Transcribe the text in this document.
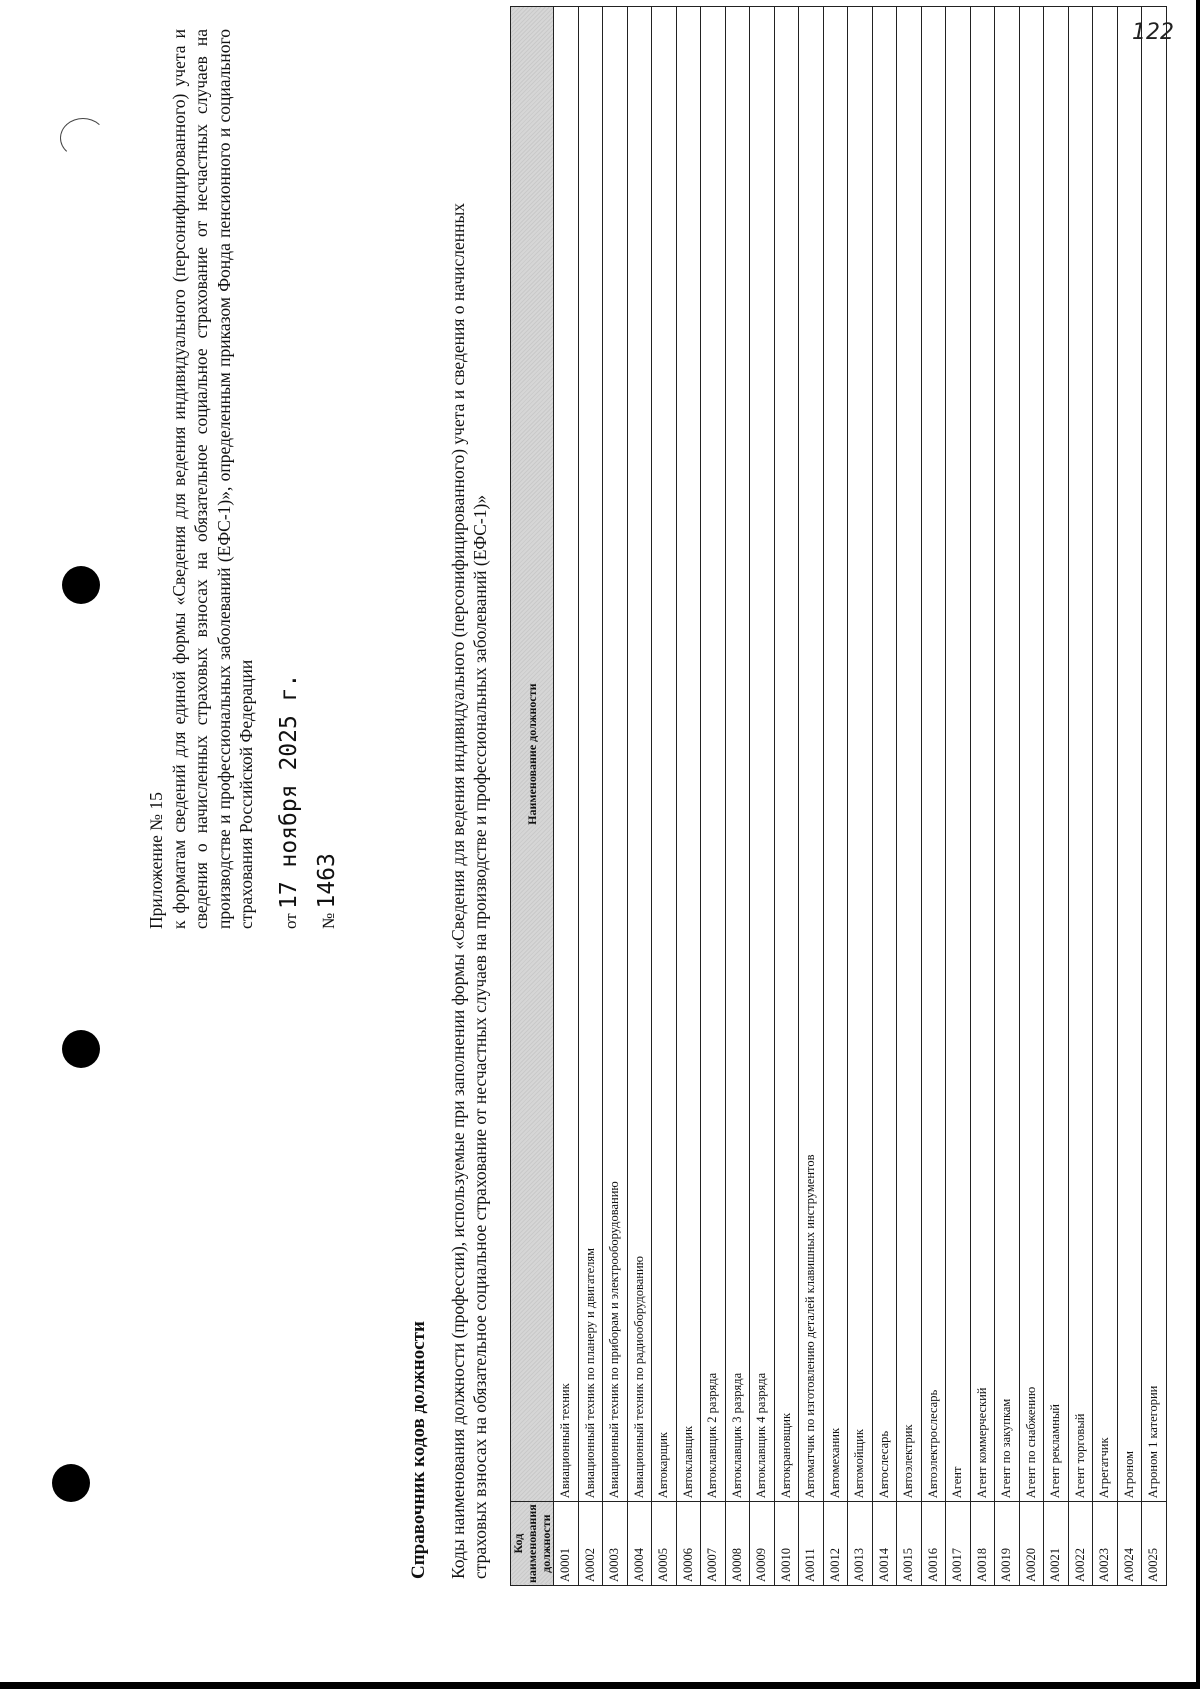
122
Приложение № 15 к форматам сведений для единой формы «Сведения для ведения индивидуального (персонифицированного) учета и сведения о начисленных страховых взносах на обязательное социальное страхование от несчастных случаев на производстве и профессиональных заболеваний (ЕФС-1)», определенным приказом Фонда пенсионного и социального страхования Российской Федерации от 17 ноября 2025 г.
№ 1463
Справочник кодов должности Коды наименования должности (профессии), используемые при заполнении формы «Сведения для ведения индивидуального (персонифицированного) учета и сведения о начисленных страховых взносах на обязательное социальное страхование от несчастных случаев на производстве и профессиональных заболеваний (ЕФС-1)» Код наименования должности	Наименование должности
А0001	Авиационный техник
А0002	Авиационный техник по планеру и двигателям
А0003	Авиационный техник по приборам и электрооборудованию
А0004	Авиационный техник по радиооборудованию
А0005	Автокарщик
А0006	Автоклавщик
А0007	Автоклавщик 2 разряда
А0008	Автоклавщик 3 разряда
А0009	Автоклавщик 4 разряда
А0010	Автокрановщик
А0011	Автоматчик по изготовлению деталей клавишных инструментов
А0012	Автомеханик
А0013	Автомойщик
А0014	Автослесарь
А0015	Автоэлектрик
А0016	Автоэлектрослесарь
А0017	Агент
А0018	Агент коммерческий
А0019	Агент по закупкам
А0020	Агент по снабжению
А0021	Агент рекламный
А0022	Агент торговый
А0023	Агрегатчик
А0024	Агроном
А0025	Агроном 1 категории
